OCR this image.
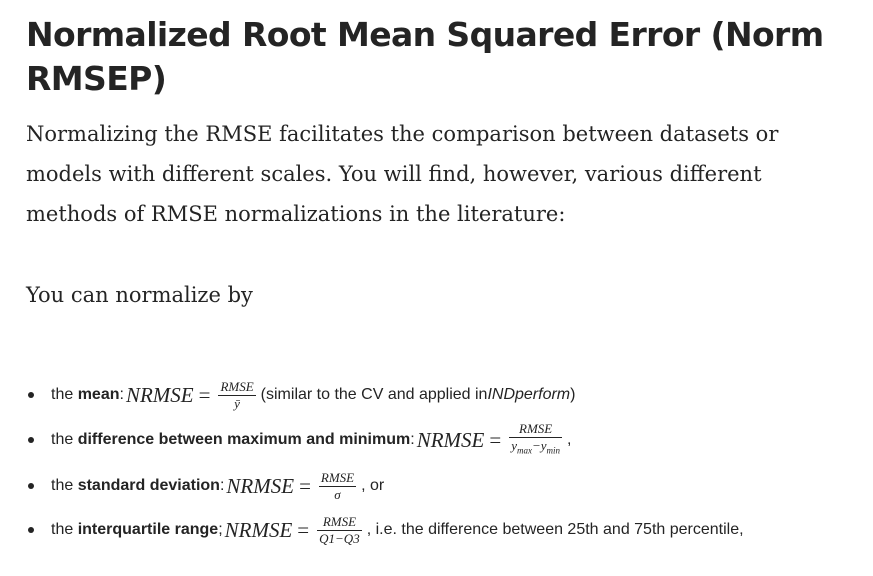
Normalized Root Mean Squared Error (Norm RMSEP)

Normalizing the RMSE facilitates the comparison between datasets or models with different scales. You will find, however, various different methods of RMSE normalizations in the literature:

You can normalize by

the
mean : NRMSE = $\frac{\text{RMSE}}{ȳ}$ (similar to the CV and applied in INDperform )
the
difference between maximum and minimum : NRMSE = $\frac{\text{RMSE}}{y_{max}-y_{min}}$ ,
the
standard deviation : NRMSE = $\frac{\text{RMSE}}{\sigma}$ , or
the
interquartile range ; NRMSE = $\frac{\text{RMSE}}{Q1-Q3}$ , i.e. the difference between 25th and 75th percentile,
